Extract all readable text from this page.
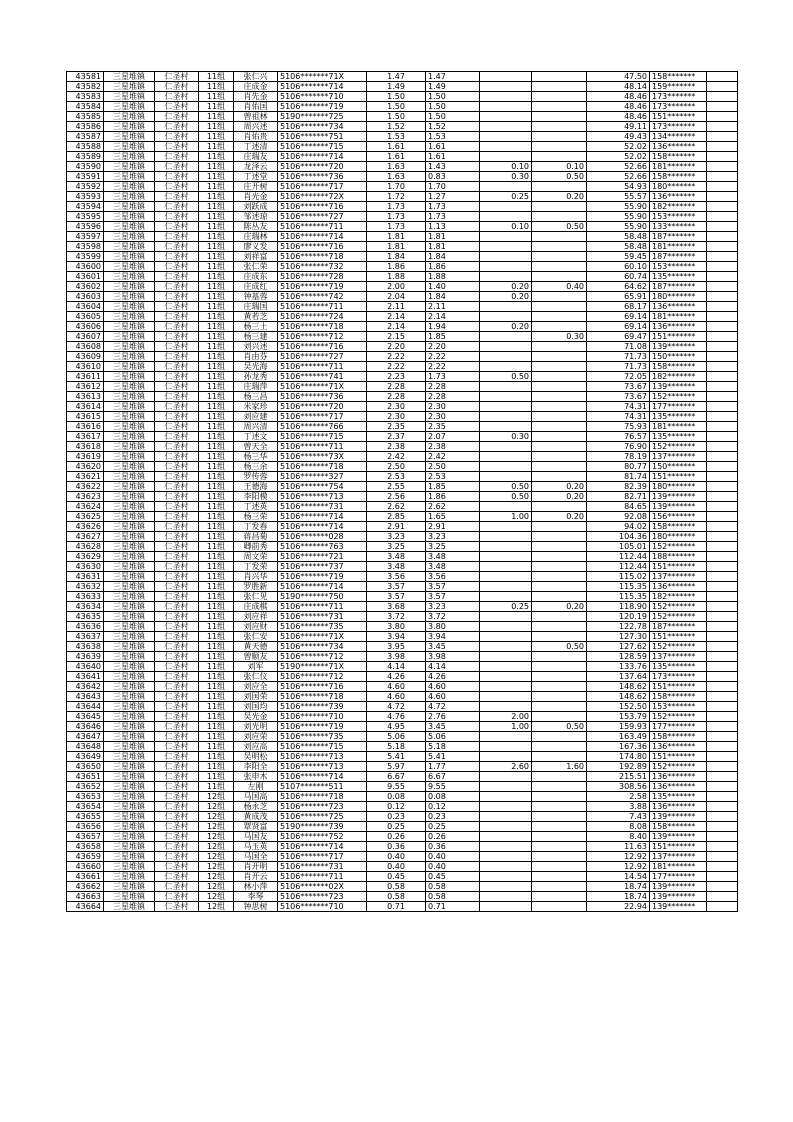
43581	三星堆镇	仁圣村	11组	张仁兴	5106*******71X	1.47	1.47			47.50	158*******	
43582	三星堆镇	仁圣村	11组	庄成金	5106*******714	1.49	1.49			48.14	159*******	
43583	三星堆镇	仁圣村	11组	肖先金	5106*******710	1.50	1.50			48.46	173*******	
43584	三星堆镇	仁圣村	11组	肖佑国	5106*******719	1.50	1.50			48.46	173*******	
43585	三星堆镇	仁圣村	11组	曾祖林	5190*******725	1.50	1.50			48.46	151*******	
43586	三星堆镇	仁圣村	11组	周兴述	5106*******734	1.52	1.52			49.11	173*******	
43587	三星堆镇	仁圣村	11组	肖佑贵	5106*******751	1.53	1.53			49.43	134*******	
43588	三星堆镇	仁圣村	11组	丁述清	5106*******715	1.61	1.61			52.02	136*******	
43589	三星堆镇	仁圣村	11组	庄瑞友	5106*******714	1.61	1.61			52.02	158*******	
43590	三星堆镇	仁圣村	11组	龙泽云	5106*******720	1.63	1.43	0.10	0.10	52.66	181*******	
43591	三星堆镇	仁圣村	11组	丁述堂	5106*******736	1.63	0.83	0.30	0.50	52.66	158*******	
43592	三星堆镇	仁圣村	11组	庄开树	5106*******717	1.70	1.70			54.93	180*******	
43593	三星堆镇	仁圣村	11组	肖光金	5106*******72X	1.72	1.27	0.25	0.20	55.57	136*******	
43594	三星堆镇	仁圣村	11组	刘跃成	5106*******716	1.73	1.73			55.90	182*******	
43595	三星堆镇	仁圣村	11组	邹述琼	5106*******727	1.73	1.73			55.90	153*******	
43596	三星堆镇	仁圣村	11组	陈丛友	5106*******711	1.73	1.13	0.10	0.50	55.90	133*******	
43597	三星堆镇	仁圣村	11组	庄瑞林	5106*******714	1.81	1.81			58.48	187*******	
43598	三星堆镇	仁圣村	11组	廖义发	5106*******716	1.81	1.81			58.48	181*******	
43599	三星堆镇	仁圣村	11组	刘祥富	5106*******718	1.84	1.84			59.45	187*******	
43600	三星堆镇	仁圣村	11组	张仁荣	5106*******732	1.86	1.86			60.10	153*******	
43601	三星堆镇	仁圣村	11组	庄成东	5106*******728	1.88	1.88			60.74	135*******	
43602	三星堆镇	仁圣村	11组	庄成红	5106*******719	2.00	1.40	0.20	0.40	64.62	187*******	
43603	三星堆镇	仁圣村	11组	钟基蓉	5106*******742	2.04	1.84	0.20		65.91	180*******	
43604	三星堆镇	仁圣村	11组	庄瑞国	5106*******711	2.11	2.11			68.17	136*******	
43605	三星堆镇	仁圣村	11组	黄若芝	5106*******724	2.14	2.14			69.14	181*******	
43606	三星堆镇	仁圣村	11组	杨三土	5106*******718	2.14	1.94	0.20		69.14	136*******	
43607	三星堆镇	仁圣村	11组	杨三建	5106*******712	2.15	1.85		0.30	69.47	151*******	
43608	三星堆镇	仁圣村	11组	刘兴述	5106*******716	2.20	2.20			71.08	139*******	
43609	三星堆镇	仁圣村	11组	肖由芬	5106*******727	2.22	2.22			71.73	150*******	
43610	三星堆镇	仁圣村	11组	吴光海	5106*******711	2.22	2.22			71.73	158*******	
43611	三星堆镇	仁圣村	11组	孙龙秀	5106*******741	2.23	1.73	0.50		72.05	182*******	
43612	三星堆镇	仁圣村	11组	庄瑞萍	5106*******71X	2.28	2.28			73.67	139*******	
43613	三星堆镇	仁圣村	11组	杨三昌	5106*******736	2.28	2.28			73.67	152*******	
43614	三星堆镇	仁圣村	11组	米家珍	5106*******720	2.30	2.30			74.31	177*******	
43615	三星堆镇	仁圣村	11组	刘应建	5106*******717	2.30	2.30			74.31	135*******	
43616	三星堆镇	仁圣村	11组	周兴清	5106*******766	2.35	2.35			75.93	181*******	
43617	三星堆镇	仁圣村	11组	丁述文	5106*******715	2.37	2.07	0.30		76.57	135*******	
43618	三星堆镇	仁圣村	11组	曾天全	5106*******711	2.38	2.38			76.90	152*******	
43619	三星堆镇	仁圣村	11组	杨三华	5106*******73X	2.42	2.42			78.19	137*******	
43620	三星堆镇	仁圣村	11组	杨三余	5106*******718	2.50	2.50			80.77	150*******	
43621	三星堆镇	仁圣村	11组	罗传蓉	5106*******327	2.53	2.53			81.74	151*******	
43622	三星堆镇	仁圣村	11组	王德海	5106*******754	2.55	1.85	0.50	0.20	82.39	180*******	
43623	三星堆镇	仁圣村	11组	李阳模	5106*******713	2.56	1.86	0.50	0.20	82.71	139*******	
43624	三星堆镇	仁圣村	11组	丁述英	5106*******731	2.62	2.62			84.65	139*******	
43625	三星堆镇	仁圣村	11组	杨三荣	5106*******714	2.85	1.65	1.00	0.20	92.08	156*******	
43626	三星堆镇	仁圣村	11组	丁发春	5106*******714	2.91	2.91			94.02	158*******	
43627	三星堆镇	仁圣村	11组	蒋昌菊	5106*******028	3.23	3.23			104.36	180*******	
43628	三星堆镇	仁圣村	11组	卿前秀	5106*******763	3.25	3.25			105.01	152*******	
43629	三星堆镇	仁圣村	11组	周文荣	5106*******721	3.48	3.48			112.44	188*******	
43630	三星堆镇	仁圣村	11组	丁发荣	5106*******737	3.48	3.48			112.44	151*******	
43631	三星堆镇	仁圣村	11组	肖兴华	5106*******719	3.56	3.56			115.02	137*******	
43632	三星堆镇	仁圣村	11组	罗胜新	5106*******714	3.57	3.57			115.35	136*******	
43633	三星堆镇	仁圣村	11组	张仁见	5190*******750	3.57	3.57			115.35	182*******	
43634	三星堆镇	仁圣村	11组	庄成棋	5106*******711	3.68	3.23	0.25	0.20	118.90	152*******	
43635	三星堆镇	仁圣村	11组	刘应祥	5106*******731	3.72	3.72			120.19	152*******	
43636	三星堆镇	仁圣村	11组	刘应财	5106*******735	3.80	3.80			122.78	187*******	
43637	三星堆镇	仁圣村	11组	张仁安	5106*******71X	3.94	3.94			127.30	151*******	
43638	三星堆镇	仁圣村	11组	黄天德	5106*******734	3.95	3.45		0.50	127.62	152*******	
43639	三星堆镇	仁圣村	11组	曾顺友	5106*******712	3.98	3.98			128.59	137*******	
43640	三星堆镇	仁圣村	11组	刘军	5190*******71X	4.14	4.14			133.76	135*******	
43641	三星堆镇	仁圣村	11组	张仁仪	5106*******712	4.26	4.26			137.64	173*******	
43642	三星堆镇	仁圣村	11组	刘应全	5106*******716	4.60	4.60			148.62	151*******	
43643	三星堆镇	仁圣村	11组	刘国荣	5106*******718	4.60	4.60			148.62	158*******	
43644	三星堆镇	仁圣村	11组	刘国均	5106*******739	4.72	4.72			152.50	153*******	
43645	三星堆镇	仁圣村	11组	吴光金	5106*******710	4.76	2.76	2.00		153.79	152*******	
43646	三星堆镇	仁圣村	11组	刘光明	5106*******719	4.95	3.45	1.00	0.50	159.93	177*******	
43647	三星堆镇	仁圣村	11组	刘应荣	5106*******735	5.06	5.06			163.49	158*******	
43648	三星堆镇	仁圣村	11组	刘应高	5106*******715	5.18	5.18			167.36	136*******	
43649	三星堆镇	仁圣村	11组	吴明松	5106*******713	5.41	5.41			174.80	151*******	
43650	三星堆镇	仁圣村	11组	李阳全	5106*******713	5.97	1.77	2.60	1.60	192.89	152*******	
43651	三星堆镇	仁圣村	11组	张申木	5106*******714	6.67	6.67			215.51	136*******	
43652	三星堆镇	仁圣村	11组	左刚	5107*******511	9.55	9.55			308.56	136*******	
43653	三星堆镇	仁圣村	12组	马国高	5106*******718	0.08	0.08			2.58	135*******	
43654	三星堆镇	仁圣村	12组	杨永芝	5106*******723	0.12	0.12			3.88	136*******	
43655	三星堆镇	仁圣村	12组	黄成茂	5106*******725	0.23	0.23			7.43	139*******	
43656	三星堆镇	仁圣村	12组	覃贤富	5190*******739	0.25	0.25			8.08	158*******	
43657	三星堆镇	仁圣村	12组	马国友	5106*******752	0.26	0.26			8.40	139*******	
43658	三星堆镇	仁圣村	12组	马玉英	5106*******714	0.36	0.36			11.63	151*******	
43659	三星堆镇	仁圣村	12组	马国全	5106*******717	0.40	0.40			12.92	137*******	
43660	三星堆镇	仁圣村	12组	肖开明	5106*******731	0.40	0.40			12.92	181*******	
43661	三星堆镇	仁圣村	12组	肖开云	5106*******711	0.45	0.45			14.54	177*******	
43662	三星堆镇	仁圣村	12组	林小萍	5106*******02X	0.58	0.58			18.74	139*******	
43663	三星堆镇	仁圣村	12组	李琴	5106*******723	0.58	0.58			18.74	139*******	
43664	三星堆镇	仁圣村	12组	钟思树	5106*******710	0.71	0.71			22.94	139*******	
